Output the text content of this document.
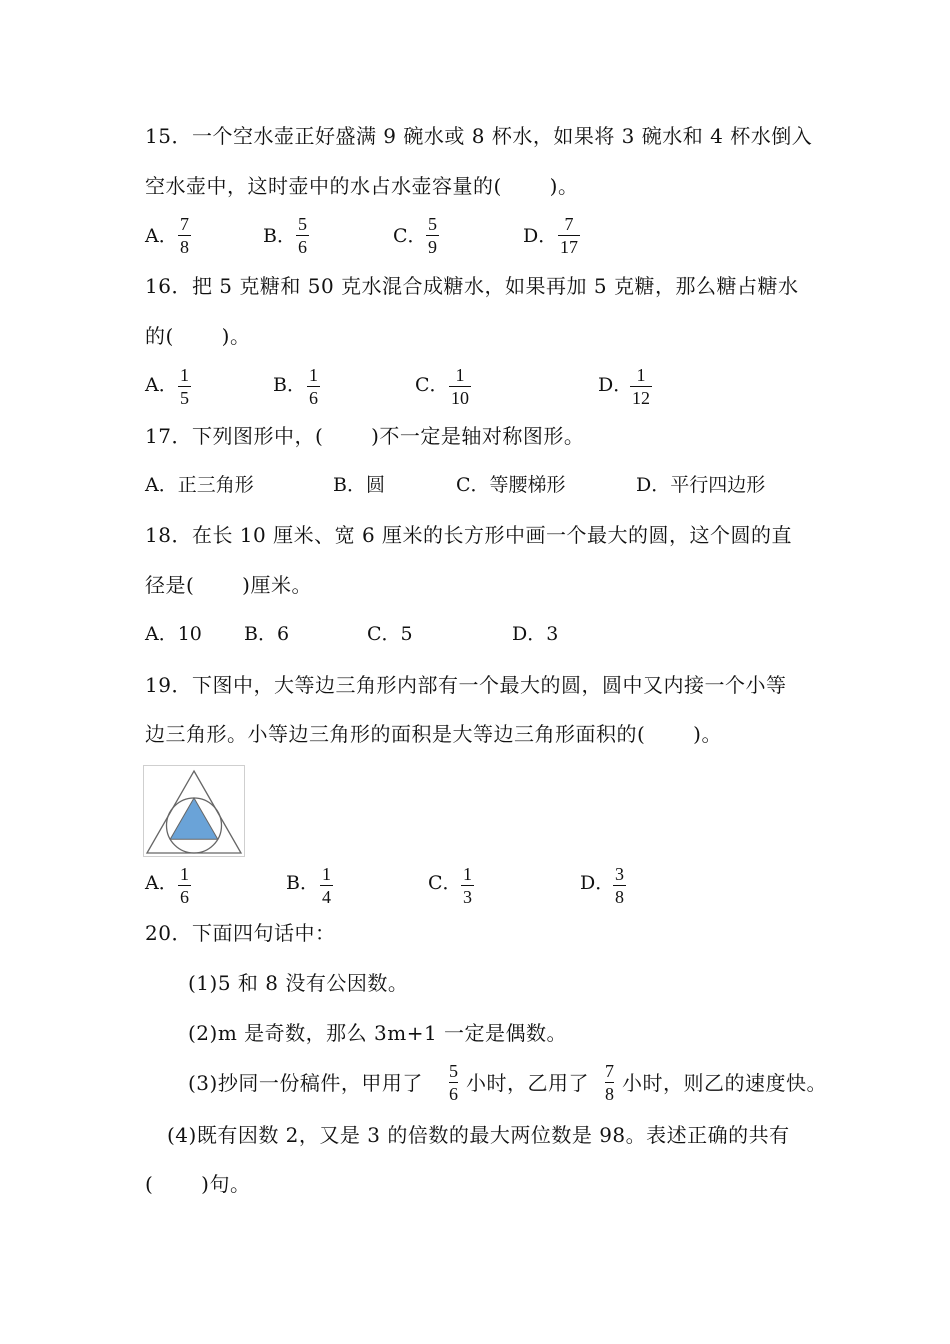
15．一个空水壶正好盛满 9 碗水或 8 杯水，如果将 3 碗水和 4 杯水倒入
空水壶中，这时壶中的水占水壶容量的(　　 )。
A．
7
8	B．
5
6	C．
5
9	D．
7
17
16．把 5 克糖和 50 克水混合成糖水，如果再加 5 克糖，那么糖占糖水
的(　　 )。
A． 1
5
B． 1
6
C． 1
10
D． 1
12
17．下列图形中，(　　 )不一定是轴对称图形。
A．正三角形	B．圆	C．等腰梯形	D．平行四边形
18．在长 10 厘米、宽 6 厘米的长方形中画一个最大的圆，这个圆的直
径是(　　 )厘米。
A．10 B．6	C．5	D．3
19．下图中，大等边三角形内部有一个最大的圆，圆中又内接一个小等
边三角形。小等边三角形的面积是大等边三角形面积的(　　 )。
A． 1
6
B． 1
4
C． 1
3
D． 3
8
20．下面四句话中：
(1)5 和 8 没有公因数。
(2)m 是奇数，那么 3m+1 一定是偶数。
(3)抄同一份稿件，甲用了 5
6 小时，乙用了 7
8 小时，则乙的速度快。
(4)既有因数 2，又是 3 的倍数的最大两位数是 98。表述正确的共有
(　　 )句。
